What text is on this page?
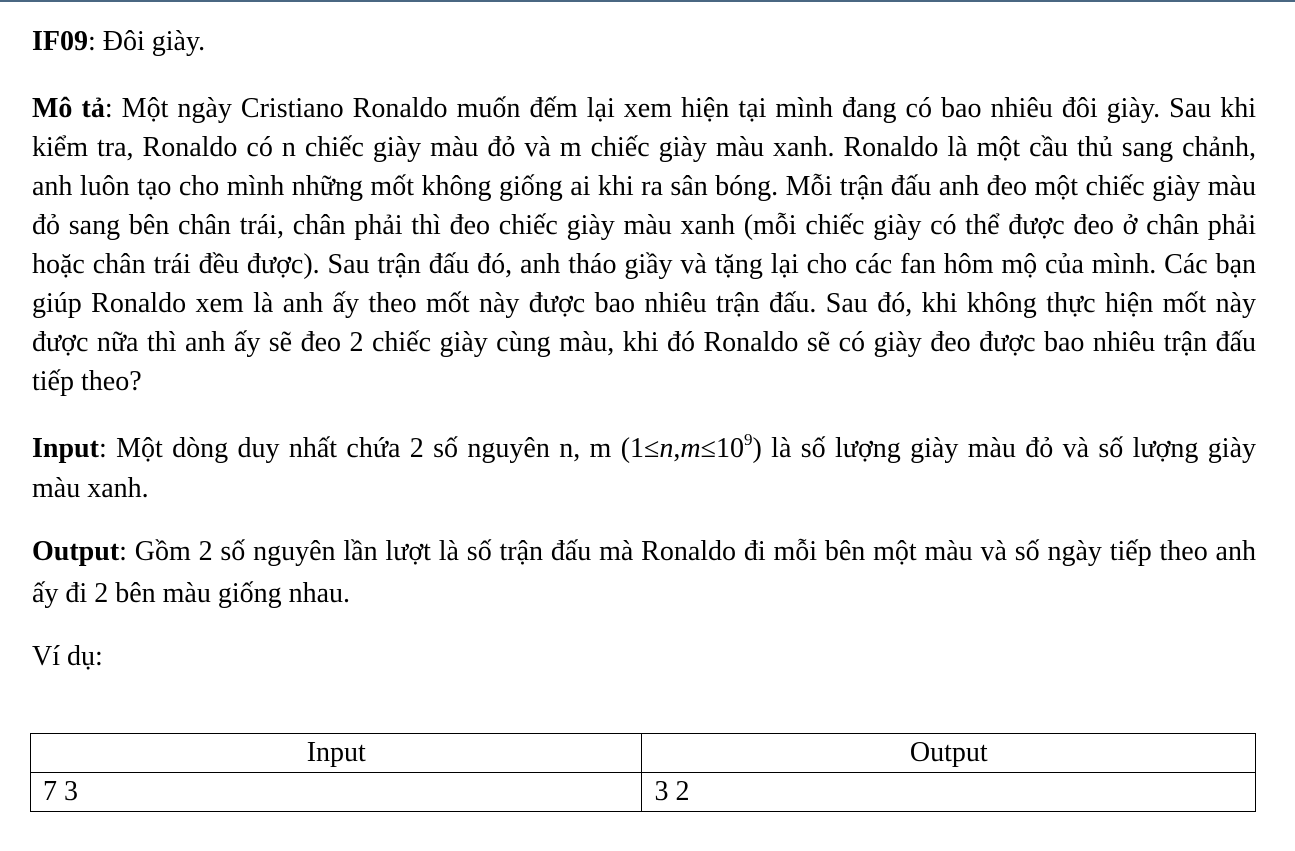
IF09: Đôi giày.

Mô tả: Một ngày Cristiano Ronaldo muốn đếm lại xem hiện tại mình đang có bao nhiêu đôi giày. Sau khi kiểm tra, Ronaldo có n chiếc giày màu đỏ và m chiếc giày màu xanh. Ronaldo là một cầu thủ sang chảnh, anh luôn tạo cho mình những mốt không giống ai khi ra sân bóng. Mỗi trận đấu anh đeo một chiếc giày màu đỏ sang bên chân trái, chân phải thì đeo chiếc giày màu xanh (mỗi chiếc giày có thể được đeo ở chân phải hoặc chân trái đều được). Sau trận đấu đó, anh tháo giầy và tặng lại cho các fan hôm mộ của mình. Các bạn giúp Ronaldo xem là anh ấy theo mốt này được bao nhiêu trận đấu. Sau đó, khi không thực hiện mốt này được nữa thì anh ấy sẽ đeo 2 chiếc giày cùng màu, khi đó Ronaldo sẽ có giày đeo được bao nhiêu trận đấu tiếp theo?

Input: Một dòng duy nhất chứa 2 số nguyên n, m $(1\le n,m\le 10^9)$ là số lượng giày màu đỏ và số lượng giày màu xanh.

Output: Gồm 2 số nguyên lần lượt là số trận đấu mà Ronaldo đi mỗi bên một màu và số ngày tiếp theo anh ấy đi 2 bên màu giống nhau.

Ví dụ:

Input	Output
7 3	3 2
